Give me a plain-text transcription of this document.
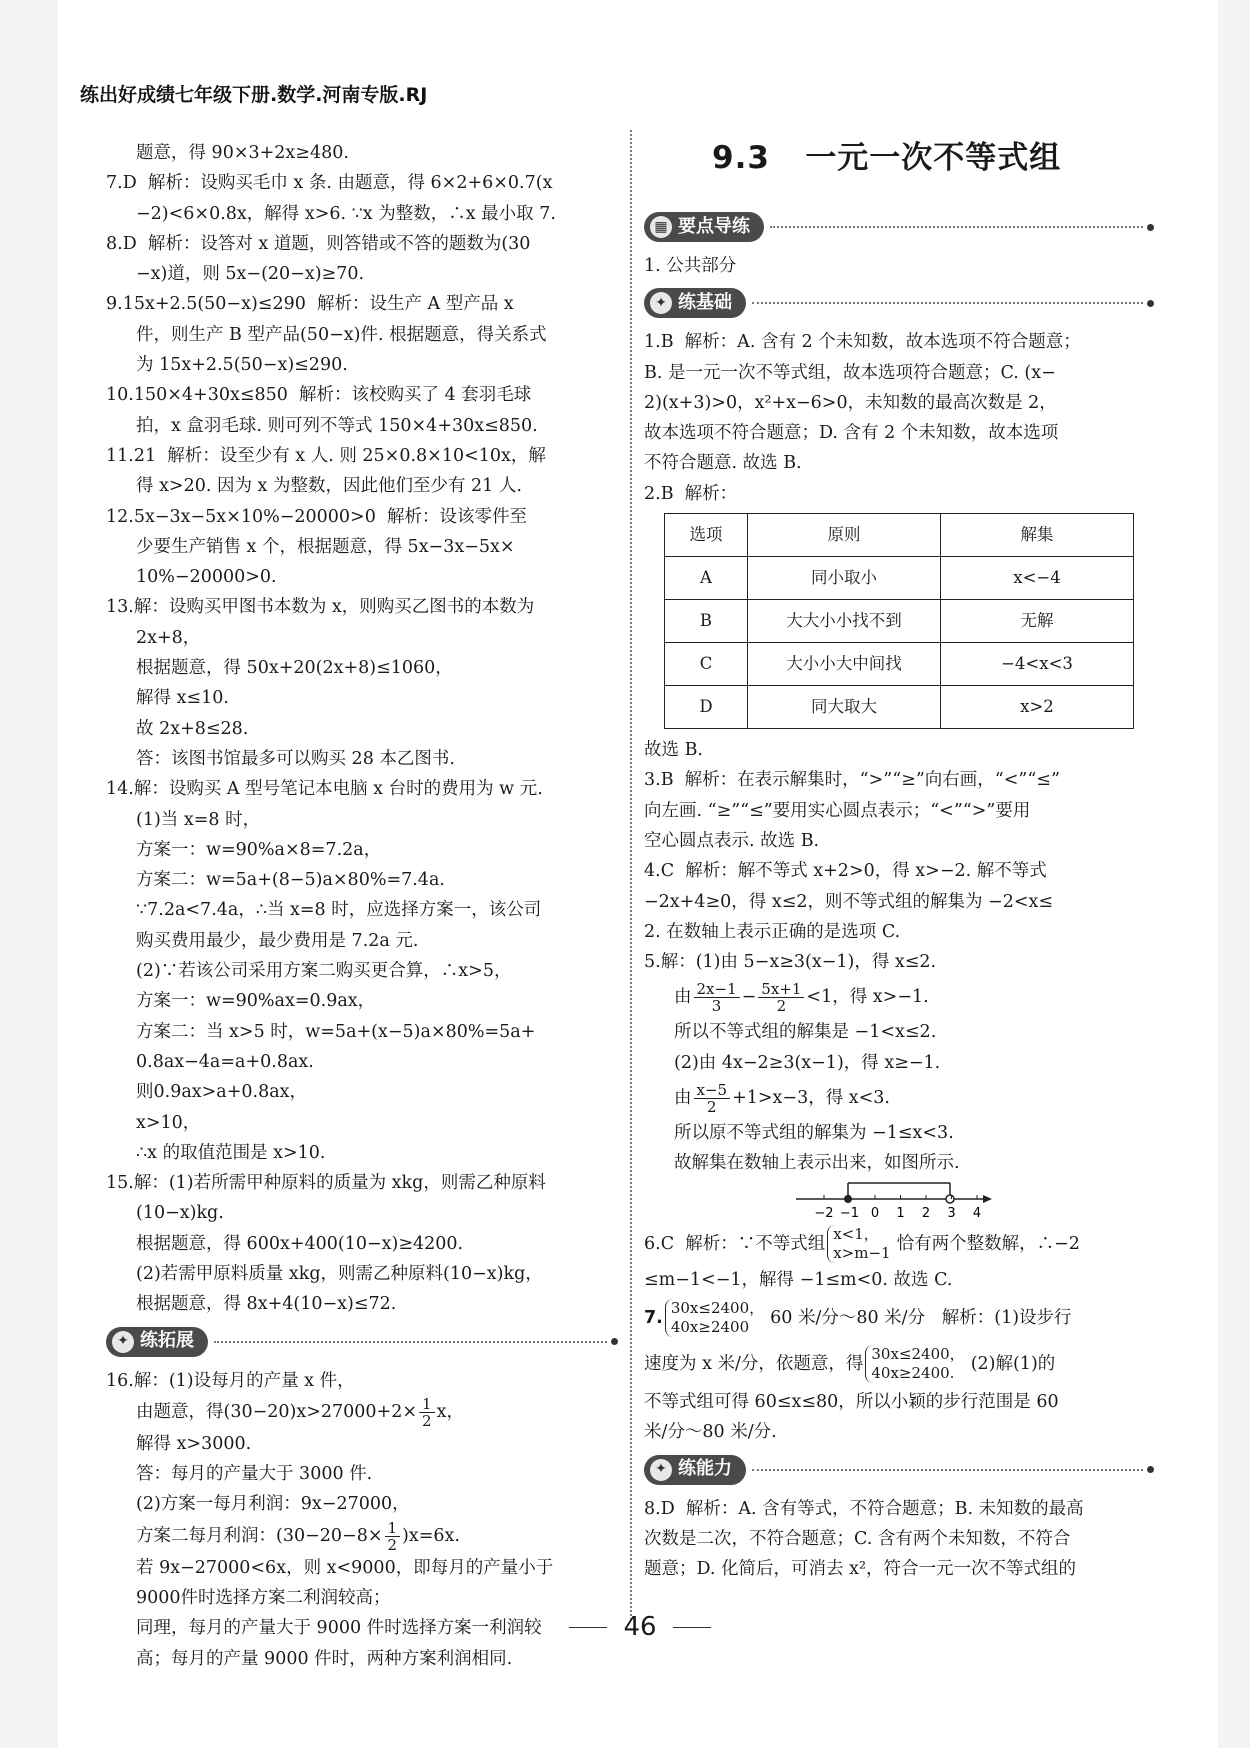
练出好成绩七年级下册.数学.河南专版.RJ
题意，得 90×3+2x≥480.
7.D  解析：设购买毛巾 x 条. 由题意，得 6×2+6×0.7(x
−2)<6×0.8x，解得 x>6. ∵x 为整数，∴x 最小取 7.
8.D  解析：设答对 x 道题，则答错或不答的题数为(30
−x)道，则 5x−(20−x)≥70.
9.15x+2.5(50−x)≤290  解析：设生产 A 型产品 x
件，则生产 B 型产品(50−x)件. 根据题意，得关系式
为 15x+2.5(50−x)≤290.
10.150×4+30x≤850  解析：该校购买了 4 套羽毛球
拍，x 盒羽毛球. 则可列不等式 150×4+30x≤850.
11.21  解析：设至少有 x 人. 则 25×0.8×10<10x，解
得 x>20. 因为 x 为整数，因此他们至少有 21 人.
12.5x−3x−5x×10%−20000>0  解析：设该零件至
少要生产销售 x 个，根据题意，得 5x−3x−5x×
10%−20000>0.
13.解：设购买甲图书本数为 x，则购买乙图书的本数为
2x+8，
根据题意，得 50x+20(2x+8)≤1060，
解得 x≤10.
故 2x+8≤28.
答：该图书馆最多可以购买 28 本乙图书.
14.解：设购买 A 型号笔记本电脑 x 台时的费用为 w 元.
(1)当 x=8 时，
方案一：w=90%a×8=7.2a，
方案二：w=5a+(8−5)a×80%=7.4a.
∵7.2a<7.4a，∴当 x=8 时，应选择方案一，该公司
购买费用最少，最少费用是 7.2a 元.
(2)∵若该公司采用方案二购买更合算，∴x>5，
方案一：w=90%ax=0.9ax，
方案二：当 x>5 时，w=5a+(x−5)a×80%=5a+
0.8ax−4a=a+0.8ax.
则0.9ax>a+0.8ax，
x>10，
∴x 的取值范围是 x>10.
15.解：(1)若所需甲种原料的质量为 xkg，则需乙种原料
(10−x)kg.
根据题意，得 600x+400(10−x)≥4200.
(2)若需甲原料质量 xkg，则需乙种原料(10−x)kg，
根据题意，得 8x+4(10−x)≤72.
✦ 练拓展
16.解：(1)设每月的产量 x 件，
由题意，得$(30-20)x>27000+2\times \frac{1}{2}$ x，
解得 x>3000.
答：每月的产量大于 3000 件.
(2)方案一每月利润：9x−27000，
方案二每月利润：$(30-20-8\times \frac{1}{2} )x=6x$.
若 9x−27000<6x，则 x<9000，即每月的产量小于
9000件时选择方案二利润较高；
同理，每月的产量大于 9000 件时选择方案一利润较
高；每月的产量 9000 件时，两种方案利润相同.
9.3 一元一次不等式组
▦ 要点导练
1. 公共部分
✦ 练基础
1.B  解析：A. 含有 2 个未知数，故本选项不符合题意；
B. 是一元一次不等式组，故本选项符合题意；C. (x−
2)(x+3)>0，x²+x−6>0，未知数的最高次数是 2，
故本选项不符合题意；D. 含有 2 个未知数，故本选项
不符合题意. 故选 B.
2.B  解析：
选项	原则	解集
A	同小取小	x<−4
B	大大小小找不到	无解
C	大小小大中间找	−4<x<3
D	同大取大	x>2
故选 B.
3.B  解析：在表示解集时，“>”“≥”向右画，“<”“≤”
向左画. “≥”“≤”要用实心圆点表示；“<”“>”要用
空心圆点表示. 故选 B.
4.C  解析：解不等式 x+2>0，得 x>−2. 解不等式
−2x+4≥0，得 x≤2，则不等式组的解集为 −2<x≤
2. 在数轴上表示正确的是选项 C.
5.解：(1)由 5−x≥3(x−1)，得 x≤2.
由 $\frac{2x-1}{3} - \frac{5x+1}{2} <1$，得 x>−1.
所以不等式组的解集是 −1<x≤2.
(2)由 4x−2≥3(x−1)，得 x≥−1.
由 $\frac{x-5}{2} +1>x-3$，得 x<3.
所以原不等式组的解集为 −1≤x<3.
故解集在数轴上表示出来，如图所示.
−2 −1 0 1 2 3 4
6.C  解析：∵不等式组 x<1，
x>m−1 恰有两个整数解，∴−2
≤m−1<−1，解得 −1≤m<0. 故选 C.
7. 30x≤2400，
40x≥2400	60 米/分～80 米/分   解析：(1)设步行
速度为 x 米/分，依题意，得 30x≤2400，
40x≥2400. (2)解(1)的
不等式组可得 60≤x≤80，所以小颖的步行范围是 60
米/分～80 米/分.
✦ 练能力
8.D  解析：A. 含有等式，不符合题意；B. 未知数的最高
次数是二次，不符合题意；C. 含有两个未知数，不符合
题意；D. 化简后，可消去 x²，符合一元一次不等式组的
46
